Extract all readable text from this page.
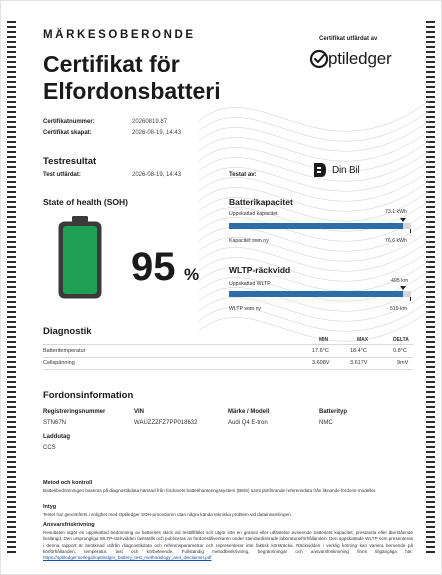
MÄRKESOBERONDE
Certifikat för
Elfordonsbatteri
Certifikat utfärdat av
ptiledger
Certifikatnummer:	20260819.87
Certifikat skapat:	2026-08-19, 14:43
Testresultat
Test utfärdat:	2026-08-19, 14:43	Testat av:	Din Bil
State of health (SOH)
95 %
Batterikapacitet
Uppskattad kapacitet	73.1 kWh
Kapacitet som ny	76.6 kWh
WLTP-räckvidd
Uppskattad WLTP	495 km
WLTP som ny	519 km
Diagnostik
MIN	MAX	DELTA
Batteritemperatur	17.6°C	18.4°C	0.8°C
Cellspänning	3.608V	3.617V	9mV
Fordonsinformation
Registreringsnummer
STN67N
VIN
WAUZZZFZ7PP018632
Märke / Modell
Audi Q4 E-tron
Batterityp
NMC
Laddutag
CCS
Metod och kontroll
Batteribedömningen baseras på diagnostikdata hämtad från fordonets batterihanteringssystem (BMS) samt jämförande referensdata från liknande fordons-modeller.
Intyg
Testet har genomförts i enlighet med Optiledger SOH-proceduren utan några kända tekniska problem vid datainsamlingen.
Ansvarsfriskrivning
Resultaten utgör en uppskattad bedömning av batteriets skick vid testtillfället och utgör inte en garanti eller utfästelse avseende batteriets kapacitet, prestanda eller återstående livslängd. Den ursprungliga WLTP-räckvidden fastställs och publiceras av fordonstillverkaren under standardiserade laboratorieförhållanden. Den uppskattade WLTP som presenteras i denna rapport är beräknad utifrån diagnostikdata och referensparametrar och representerar inte faktisk körsträcka. Räckvidden i verklig körning kan variera beroende på körförhållanden, temperatur, last och körbeteende. Fullständig metodbeskrivning, begränsningar och ansvarsfriskrivning finns tillgängliga här: https://optiledger.se/legal/optiledger_battery_test_methodology_and_disclaimer.pdf
